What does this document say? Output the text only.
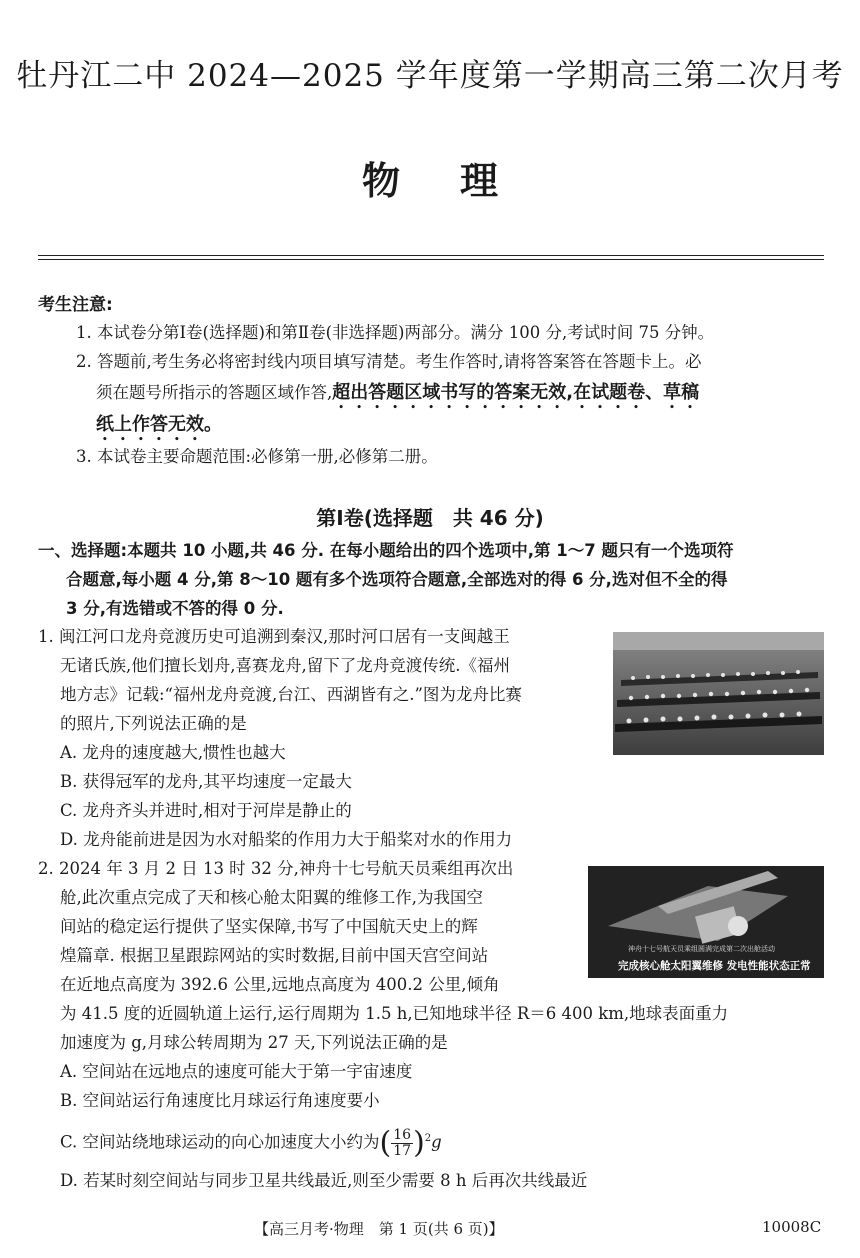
牡丹江二中 2024—2025 学年度第一学期高三第二次月考
物理
考生注意:
1. 本试卷分第Ⅰ卷(选择题)和第Ⅱ卷(非选择题)两部分。满分 100 分,考试时间 75 分钟。
2. 答题前,考生务必将密封线内项目填写清楚。考生作答时,请将答案答在答题卡上。必
须在题号所指示的答题区域作答,超出答题区域书写的答案无效,在试题卷、草稿
纸上作答无效。
3. 本试卷主要命题范围:必修第一册,必修第二册。
第Ⅰ卷(选择题　共 46 分)
一、选择题:本题共 10 小题,共 46 分. 在每小题给出的四个选项中,第 1～7 题只有一个选项符
合题意,每小题 4 分,第 8～10 题有多个选项符合题意,全部选对的得 6 分,选对但不全的得
3 分,有选错或不答的得 0 分.
1. 闽江河口龙舟竞渡历史可追溯到秦汉,那时河口居有一支闽越王
无诸氏族,他们擅长划舟,喜赛龙舟,留下了龙舟竞渡传统.《福州
地方志》记载:“福州龙舟竞渡,台江、西湖皆有之.”图为龙舟比赛
的照片,下列说法正确的是
A. 龙舟的速度越大,惯性也越大
B. 获得冠军的龙舟,其平均速度一定最大
C. 龙舟齐头并进时,相对于河岸是静止的
D. 龙舟能前进是因为水对船桨的作用力大于船桨对水的作用力
2. 2024 年 3 月 2 日 13 时 32 分,神舟十七号航天员乘组再次出
舱,此次重点完成了天和核心舱太阳翼的维修工作,为我国空
间站的稳定运行提供了坚实保障,书写了中国航天史上的辉
煌篇章. 根据卫星跟踪网站的实时数据,目前中国天宫空间站
在近地点高度为 392.6 公里,远地点高度为 400.2 公里,倾角
为 41.5 度的近圆轨道上运行,运行周期为 1.5 h,已知地球半径 R＝6 400 km,地球表面重力
加速度为 g,月球公转周期为 27 天,下列说法正确的是
神舟十七号航天员乘组圆满完成第二次出舱活动
完成核心舱太阳翼维修 发电性能状态正常
A. 空间站在远地点的速度可能大于第一宇宙速度
B. 空间站运行角速度比月球运行角速度要小
C. 空间站绕地球运动的向心加速度大小约为( $\frac{16}{17} )^2g$
D. 若某时刻空间站与同步卫星共线最近,则至少需要 8 h 后再次共线最近
【高三月考·物理　第 1 页(共 6 页)】	10008C
